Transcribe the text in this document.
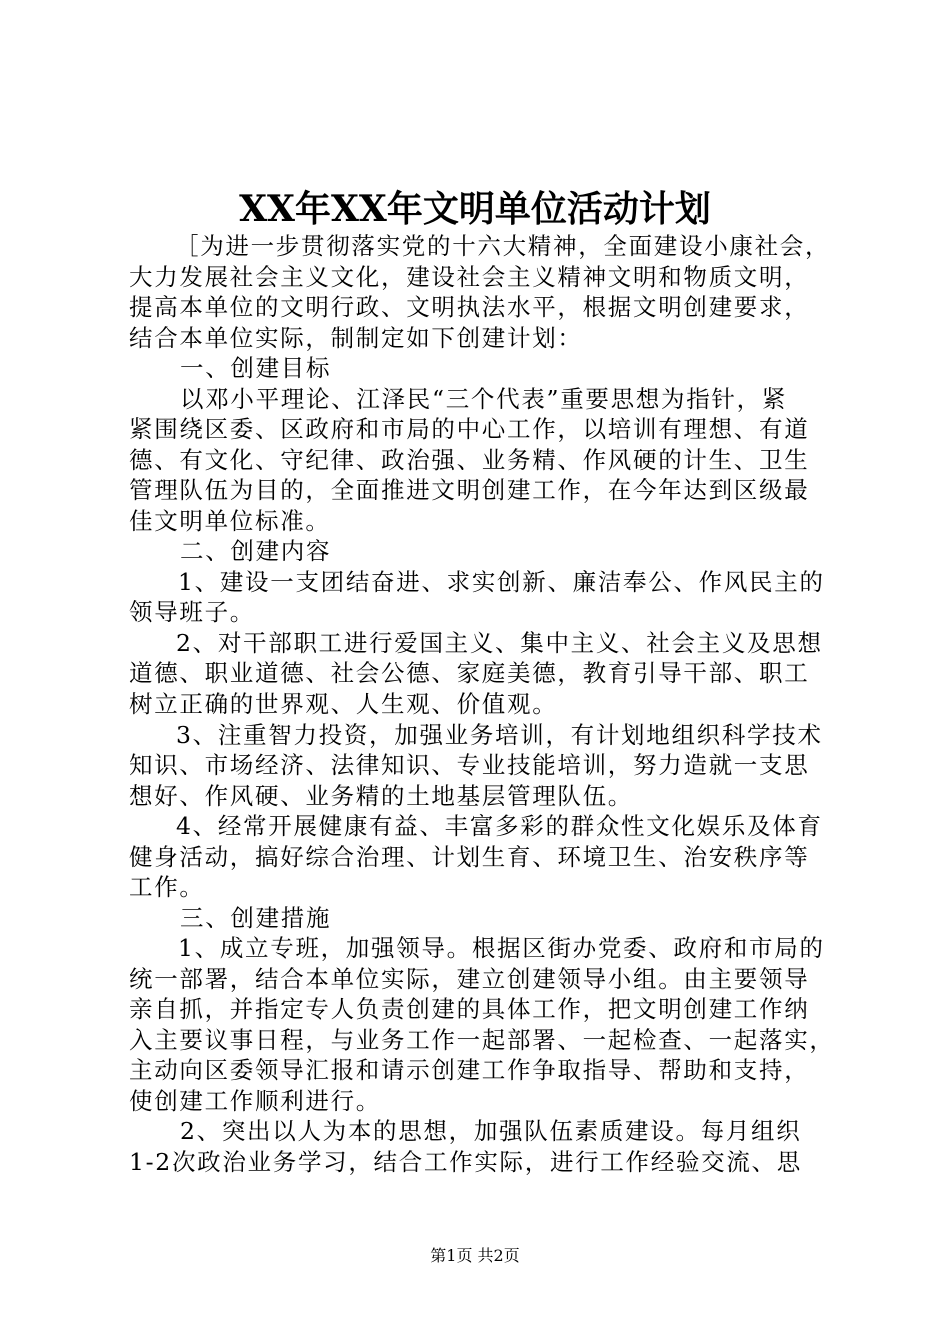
XX年XX年文明单位活动计划
［为进一步贯彻落实党的十六大精神，全面建设小康社会，
大力发展社会主义文化，建设社会主义精神文明和物质文明，
提高本单位的文明行政、文明执法水平，根据文明创建要求，
结合本单位实际，制制定如下创建计划：
一、创建目标
以邓小平理论、江泽民“三个代表”重要思想为指针，紧
紧围绕区委、区政府和市局的中心工作，以培训有理想、有道
德、有文化、守纪律、政治强、业务精、作风硬的计生、卫生
管理队伍为目的，全面推进文明创建工作，在今年达到区级最
佳文明单位标准。
二、创建内容
1、建设一支团结奋进、求实创新、廉洁奉公、作风民主的
领导班子。
2、对干部职工进行爱国主义、集中主义、社会主义及思想
道德、职业道德、社会公德、家庭美德，教育引导干部、职工
树立正确的世界观、人生观、价值观。
3、注重智力投资，加强业务培训，有计划地组织科学技术
知识、市场经济、法律知识、专业技能培训，努力造就一支思
想好、作风硬、业务精的土地基层管理队伍。
4、经常开展健康有益、丰富多彩的群众性文化娱乐及体育
健身活动，搞好综合治理、计划生育、环境卫生、治安秩序等
工作。
三、创建措施
1、成立专班，加强领导。根据区街办党委、政府和市局的
统一部署，结合本单位实际，建立创建领导小组。由主要领导
亲自抓，并指定专人负责创建的具体工作，把文明创建工作纳
入主要议事日程，与业务工作一起部署、一起检查、一起落实，
主动向区委领导汇报和请示创建工作争取指导、帮助和支持，
使创建工作顺利进行。
2、突出以人为本的思想，加强队伍素质建设。每月组织
1-2次政治业务学习，结合工作实际，进行工作经验交流、思
第1页 共2页
